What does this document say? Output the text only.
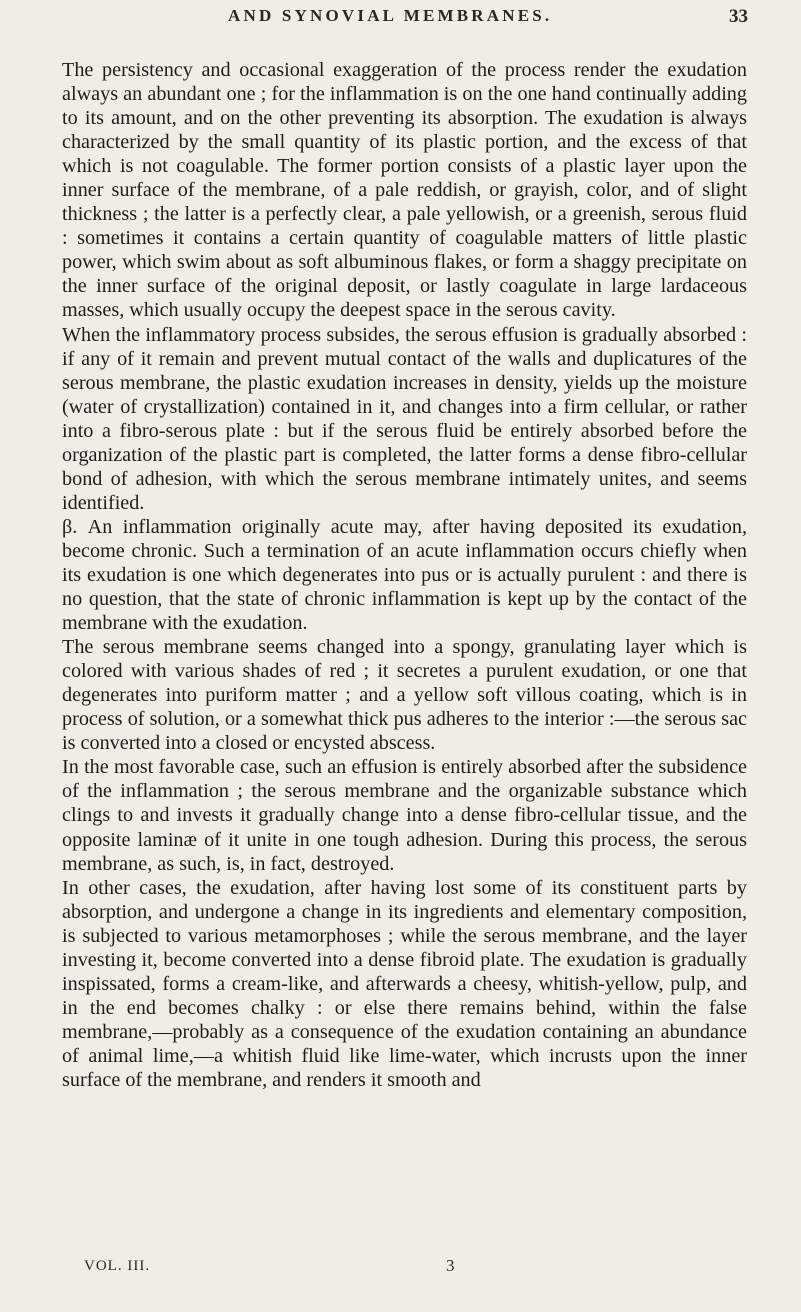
AND SYNOVIAL MEMBRANES.	33

The persistency and occasional exaggeration of the process render the exudation always an abundant one ; for the inflammation is on the one hand continually adding to its amount, and on the other preventing its absorption. The exudation is always characterized by the small quantity of its plastic portion, and the excess of that which is not coagulable. The former portion consists of a plastic layer upon the inner surface of the membrane, of a pale reddish, or grayish, color, and of slight thickness ; the latter is a perfectly clear, a pale yellowish, or a greenish, serous fluid : sometimes it contains a certain quantity of coagulable matters of little plastic power, which swim about as soft albuminous flakes, or form a shaggy precipitate on the inner surface of the original deposit, or lastly coagulate in large lardaceous masses, which usually occupy the deepest space in the serous cavity.

When the inflammatory process subsides, the serous effusion is gradually absorbed : if any of it remain and prevent mutual contact of the walls and duplicatures of the serous membrane, the plastic exudation increases in density, yields up the moisture (water of crystallization) contained in it, and changes into a firm cellular, or rather into a fibro-serous plate : but if the serous fluid be entirely absorbed before the organization of the plastic part is completed, the latter forms a dense fibro-cellular bond of adhesion, with which the serous membrane intimately unites, and seems identified.

β. An inflammation originally acute may, after having deposited its exudation, become chronic. Such a termination of an acute inflammation occurs chiefly when its exudation is one which degenerates into pus or is actually purulent : and there is no question, that the state of chronic inflammation is kept up by the contact of the membrane with the exudation.

The serous membrane seems changed into a spongy, granulating layer which is colored with various shades of red ; it secretes a purulent exudation, or one that degenerates into puriform matter ; and a yellow soft villous coating, which is in process of solution, or a somewhat thick pus adheres to the interior :—the serous sac is converted into a closed or encysted abscess.

In the most favorable case, such an effusion is entirely absorbed after the subsidence of the inflammation ; the serous membrane and the organizable substance which clings to and invests it gradually change into a dense fibro-cellular tissue, and the opposite laminæ of it unite in one tough adhesion. During this process, the serous membrane, as such, is, in fact, destroyed.

In other cases, the exudation, after having lost some of its constituent parts by absorption, and undergone a change in its ingredients and elementary composition, is subjected to various metamorphoses ; while the serous membrane, and the layer investing it, become converted into a dense fibroid plate. The exudation is gradually inspissated, forms a cream-like, and afterwards a cheesy, whitish-yellow, pulp, and in the end becomes chalky : or else there remains behind, within the false membrane,—probably as a consequence of the exudation containing an abundance of animal lime,—a whitish fluid like lime-water, which incrusts upon the inner surface of the membrane, and renders it smooth and

VOL. III.	3
